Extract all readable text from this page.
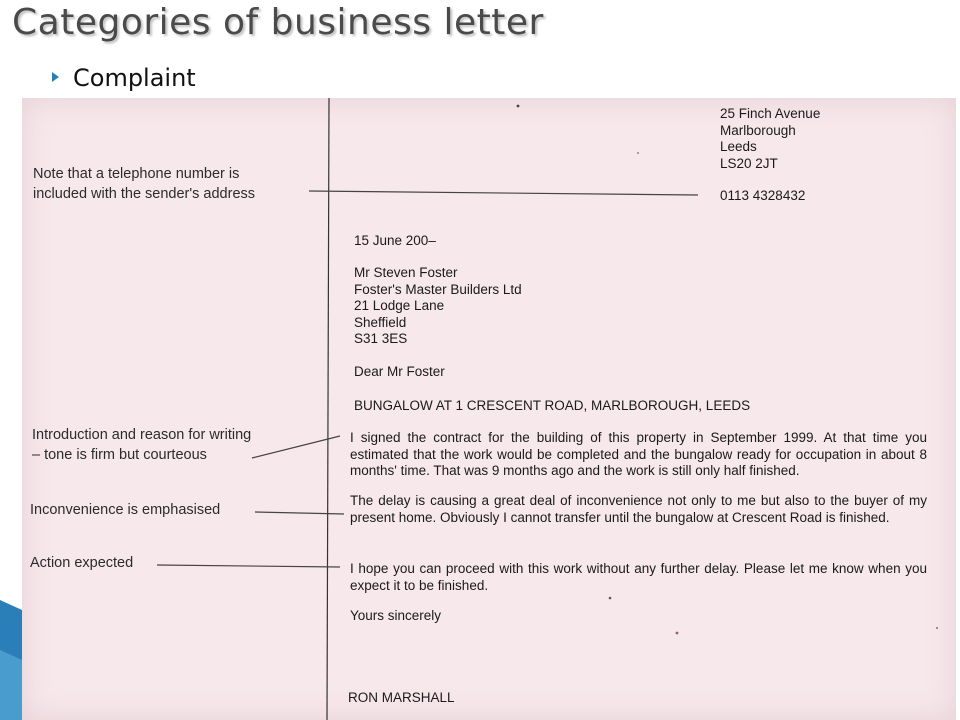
Categories of business letter
Complaint
Note that a telephone number is
included with the sender's address
Introduction and reason for writing
– tone is firm but courteous
Inconvenience is emphasised
Action expected
25 Finch Avenue
Marlborough
Leeds
LS20 2JT
0113 4328432
15 June 200–
Mr Steven Foster
Foster's Master Builders Ltd
21 Lodge Lane
Sheffield
S31 3ES
Dear Mr Foster
BUNGALOW AT 1 CRESCENT ROAD, MARLBOROUGH, LEEDS
I signed the contract for the building of this property in September 1999. At that time you estimated that the work would be completed and the bungalow ready for occupation in about 8 months' time. That was 9 months ago and the work is still only half finished.
The delay is causing a great deal of inconvenience not only to me but also to the buyer of my present home. Obviously I cannot transfer until the bungalow at Crescent Road is finished.
I hope you can proceed with this work without any further delay. Please let me know when you expect it to be finished.
Yours sincerely
RON MARSHALL
